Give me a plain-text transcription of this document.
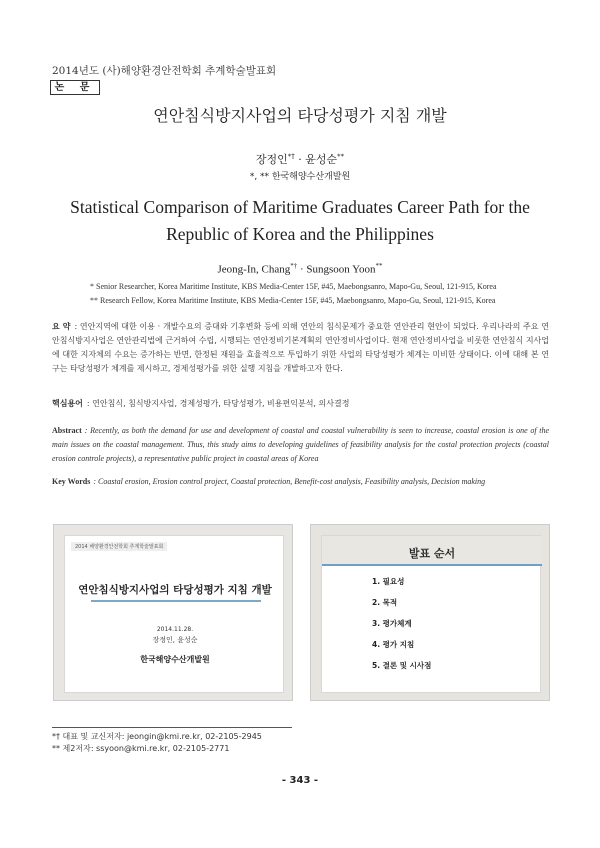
2014년도 (사)해양환경안전학회 추계학술발표회
논 문
연안침식방지사업의 타당성평가 지침 개발
장정인*† · 윤성순**
*, ** 한국해양수산개발원
Statistical Comparison of Maritime Graduates Career Path for the Republic of Korea and the Philippines
Jeong-In, Chang*† · Sungsoon Yoon**
* Senior Researcher, Korea Maritime Institute, KBS Media-Center 15F, #45, Maebongsanro, Mapo-Gu, Seoul, 121-915, Korea
** Research Fellow, Korea Maritime Institute, KBS Media-Center 15F, #45, Maebongsanro, Mapo-Gu, Seoul, 121-915, Korea
요 약 : 연안지역에 대한 이용 · 개발수요의 증대와 기후변화 등에 의해 연안의 침식문제가 중요한 연안관리 현안이 되었다. 우리나라의 주요 연안침식방지사업은 연안관리법에 근거하여 수립, 시행되는 연안정비기본계획의 연안정비사업이다. 현재 연안정비사업을 비롯한 연안침식 지사업에 대한 지자체의 수요는 증가하는 반면, 한정된 재원을 효율적으로 투입하기 위한 사업의 타당성평가 체계는 미비한 상태이다. 이에 대해 본 연구는 타당성평가 체계를 제시하고, 경제성평가를 위한 실행 지침을 개발하고자 한다.
핵심용어 : 연안침식, 침식방지사업, 경제성평가, 타당성평가, 비용편익분석, 의사결정
Abstract : Recently, as both the demand for use and development of coastal and coastal vulnerability is seen to increase, coastal erosion is one of the main issues on the coastal management. Thus, this study aims to developing guidelines of feasibility analysis for the costal protection projects (coastal erosion controle projects), a representative public project in coastal areas of Korea
Key Words : Coastal erosion, Erosion control project, Coastal protection, Benefit-cost analysis, Feasibility analysis, Decision making
2014 해양환경안전학회 추계학술발표회
연안침식방지사업의 타당성평가 지침 개발
2014.11.28.
장정인, 윤성순
한국해양수산개발원
발표 순서
1. 필요성
2. 목적
3. 평가체계
4. 평가 지침
5. 결론 및 시사점
*† 대표 및 교신저자: jeongin@kmi.re.kr, 02-2105-2945
** 제2저자: ssyoon@kmi.re.kr, 02-2105-2771
- 343 -
